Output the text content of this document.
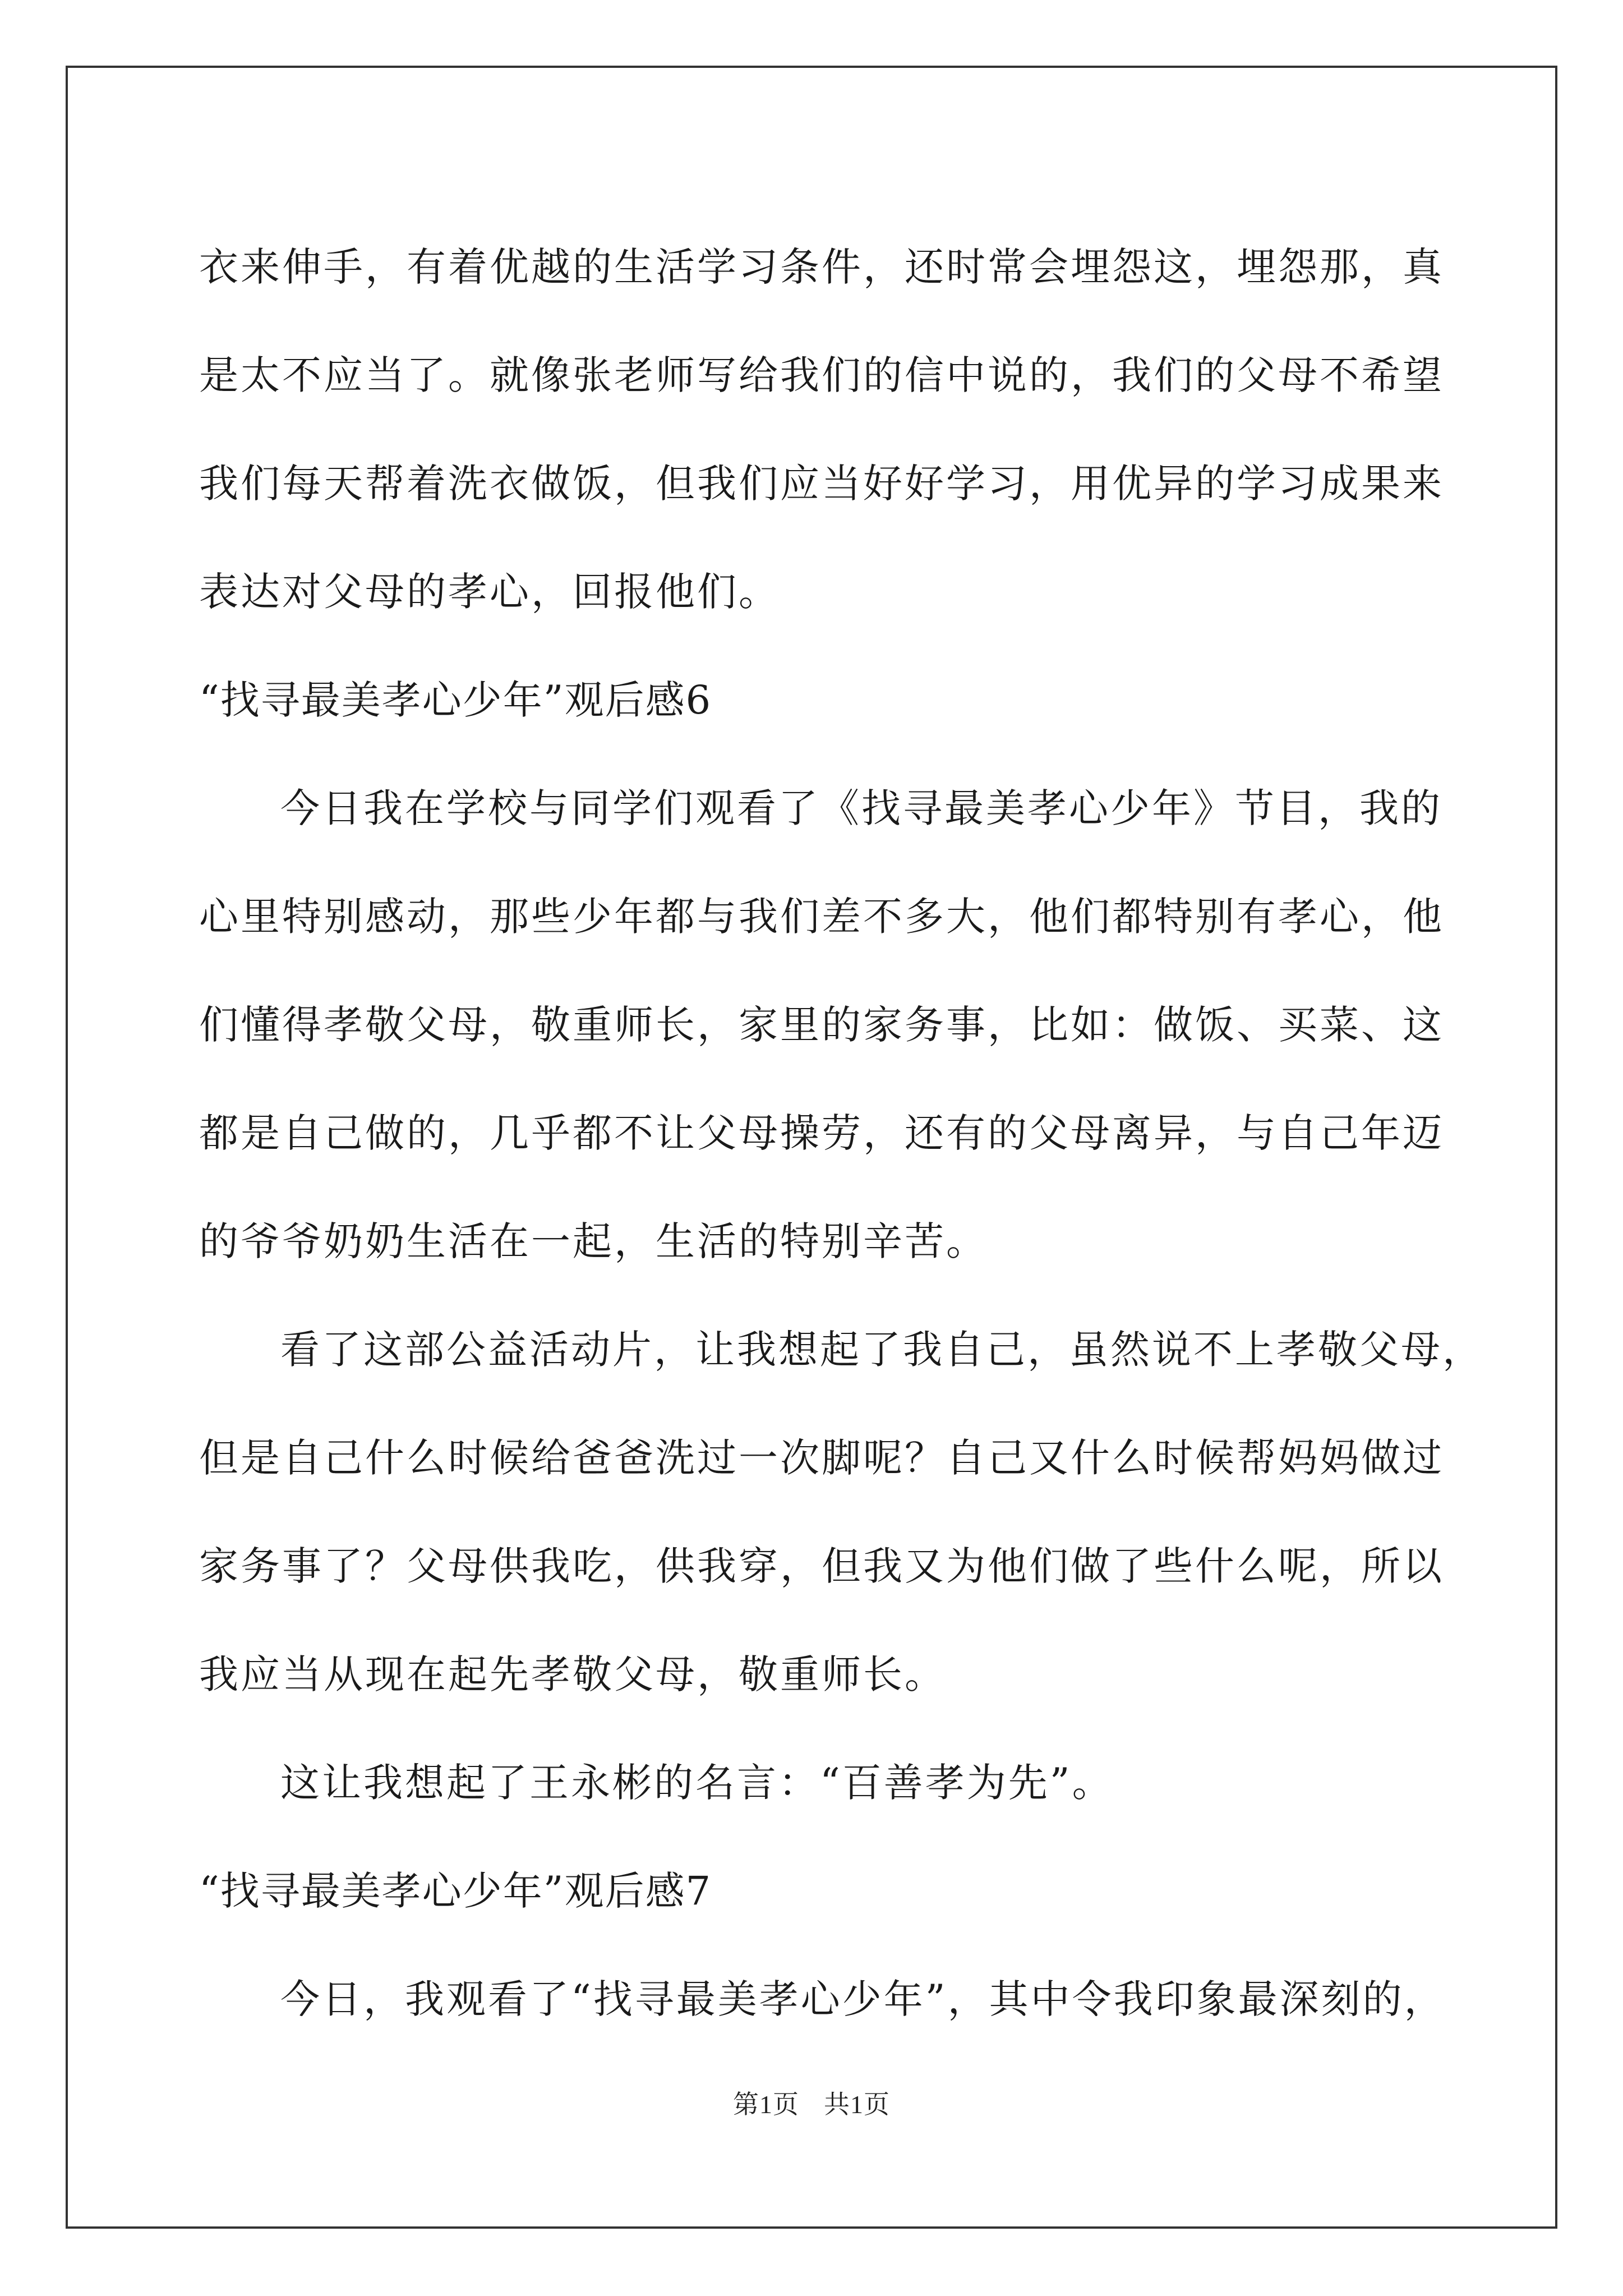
衣来伸手，有着优越的生活学习条件，还时常会埋怨这，埋怨那，真
是太不应当了。就像张老师写给我们的信中说的，我们的父母不希望
我们每天帮着洗衣做饭，但我们应当好好学习，用优异的学习成果来
表达对父母的孝心，回报他们。
“找寻最美孝心少年”观后感6
今日我在学校与同学们观看了《找寻最美孝心少年》节目，我的
心里特别感动，那些少年都与我们差不多大，他们都特别有孝心，他
们懂得孝敬父母，敬重师长，家里的家务事，比如：做饭、买菜、这
都是自己做的，几乎都不让父母操劳，还有的父母离异，与自己年迈
的爷爷奶奶生活在一起，生活的特别辛苦。
看了这部公益活动片，让我想起了我自己，虽然说不上孝敬父母，
但是自己什么时候给爸爸洗过一次脚呢？自己又什么时候帮妈妈做过
家务事了？父母供我吃，供我穿，但我又为他们做了些什么呢，所以
我应当从现在起先孝敬父母，敬重师长。
这让我想起了王永彬的名言：“百善孝为先”。
“找寻最美孝心少年”观后感7
今日，我观看了“找寻最美孝心少年”，其中令我印象最深刻的，
第1页 共1页
